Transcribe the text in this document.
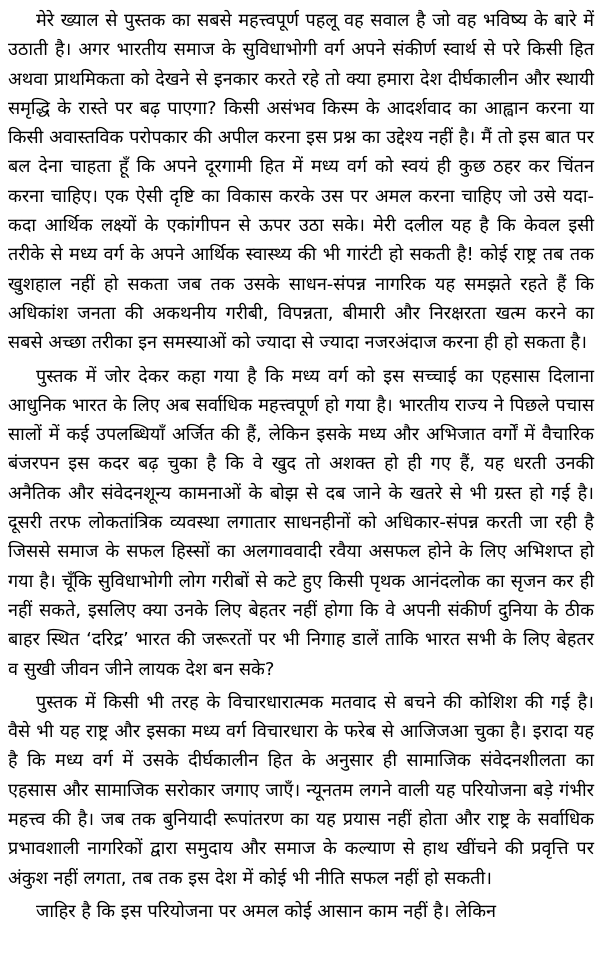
मेरे ख्याल से पुस्तक का सबसे महत्त्वपूर्ण पहलू वह सवाल है जो वह भविष्य के बारे में उठाती है। अगर भारतीय समाज के सुविधाभोगी वर्ग अपने संकीर्ण स्वार्थ से परे किसी हित अथवा प्राथमिकता को देखने से इनकार करते रहे तो क्या हमारा देश दीर्घकालीन और स्थायी समृद्धि के रास्ते पर बढ़ पाएगा? किसी असंभव किस्म के आदर्शवाद का आह्वान करना या किसी अवास्तविक परोपकार की अपील करना इस प्रश्न का उद्देश्य नहीं है। मैं तो इस बात पर बल देना चाहता हूँ कि अपने दूरगामी हित में मध्य वर्ग को स्वयं ही कुछ ठहर कर चिंतन करना चाहिए। एक ऐसी दृष्टि का विकास करके उस पर अमल करना चाहिए जो उसे यदा-कदा आर्थिक लक्ष्यों के एकांगीपन से ऊपर उठा सके। मेरी दलील यह है कि केवल इसी तरीके से मध्य वर्ग के अपने आर्थिक स्वास्थ्य की भी गारंटी हो सकती है! कोई राष्ट्र तब तक खुशहाल नहीं हो सकता जब तक उसके साधन-संपन्न नागरिक यह समझते रहते हैं कि अधिकांश जनता की अकथनीय गरीबी, विपन्नता, बीमारी और निरक्षरता खत्म करने का सबसे अच्छा तरीका इन समस्याओं को ज्यादा से ज्यादा नजरअंदाज करना ही हो सकता है।

पुस्तक में जोर देकर कहा गया है कि मध्य वर्ग को इस सच्चाई का एहसास दिलाना आधुनिक भारत के लिए अब सर्वाधिक महत्त्वपूर्ण हो गया है। भारतीय राज्य ने पिछले पचास सालों में कई उपलब्धियाँ अर्जित की हैं, लेकिन इसके मध्य और अभिजात वर्गों में वैचारिक बंजरपन इस कदर बढ़ चुका है कि वे खुद तो अशक्त हो ही गए हैं, यह धरती उनकी अनैतिक और संवेदनशून्य कामनाओं के बोझ से दब जाने के खतरे से भी ग्रस्त हो गई है। दूसरी तरफ लोकतांत्रिक व्यवस्था लगातार साधनहीनों को अधिकार-संपन्न करती जा रही है जिससे समाज के सफल हिस्सों का अलगाववादी रवैया असफल होने के लिए अभिशप्त हो गया है। चूँकि सुविधाभोगी लोग गरीबों से कटे हुए किसी पृथक आनंदलोक का सृजन कर ही नहीं सकते, इसलिए क्या उनके लिए बेहतर नहीं होगा कि वे अपनी संकीर्ण दुनिया के ठीक बाहर स्थित ‘दरिद्र’ भारत की जरूरतों पर भी निगाह डालें ताकि भारत सभी के लिए बेहतर व सुखी जीवन जीने लायक देश बन सके?

पुस्तक में किसी भी तरह के विचारधारात्मक मतवाद से बचने की कोशिश की गई है। वैसे भी यह राष्ट्र और इसका मध्य वर्ग विचारधारा के फरेब से आजिजआ चुका है। इरादा यह है कि मध्य वर्ग में उसके दीर्घकालीन हित के अनुसार ही सामाजिक संवेदनशीलता का एहसास और सामाजिक सरोकार जगाए जाएँ। न्यूनतम लगने वाली यह परियोजना बड़े गंभीर महत्त्व की है। जब तक बुनियादी रूपांतरण का यह प्रयास नहीं होता और राष्ट्र के सर्वाधिक प्रभावशाली नागरिकों द्वारा समुदाय और समाज के कल्याण से हाथ खींचने की प्रवृत्ति पर अंकुश नहीं लगता, तब तक इस देश में कोई भी नीति सफल नहीं हो सकती।

जाहिर है कि इस परियोजना पर अमल कोई आसान काम नहीं है। लेकिन
